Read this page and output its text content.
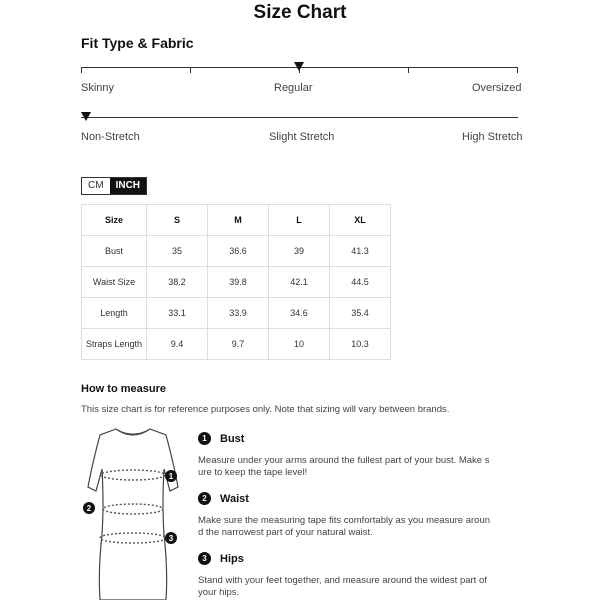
Size Chart
Fit Type & Fabric
Skinny	Regular	Oversized
Non-Stretch	Slight Stretch	High Stretch
CM	INCH
Size	S	M	L	XL
Bust	35	36.6	39	41.3
Waist Size	38.2	39.8	42.1	44.5
Length	33.1	33.9	34.6	35.4
Straps Length	9.4	9.7	10	10.3
How to measure
This size chart is for reference purposes only. Note that sizing will vary between brands.
1
2
3
1	Bust
Measure under your arms around the fullest part of your bust. Make s
ure to keep the tape level!
2	Waist
Make sure the measuring tape fits comfortably as you measure aroun
d the narrowest part of your natural waist.
3	Hips
Stand with your feet together, and measure around the widest part of
your hips.
